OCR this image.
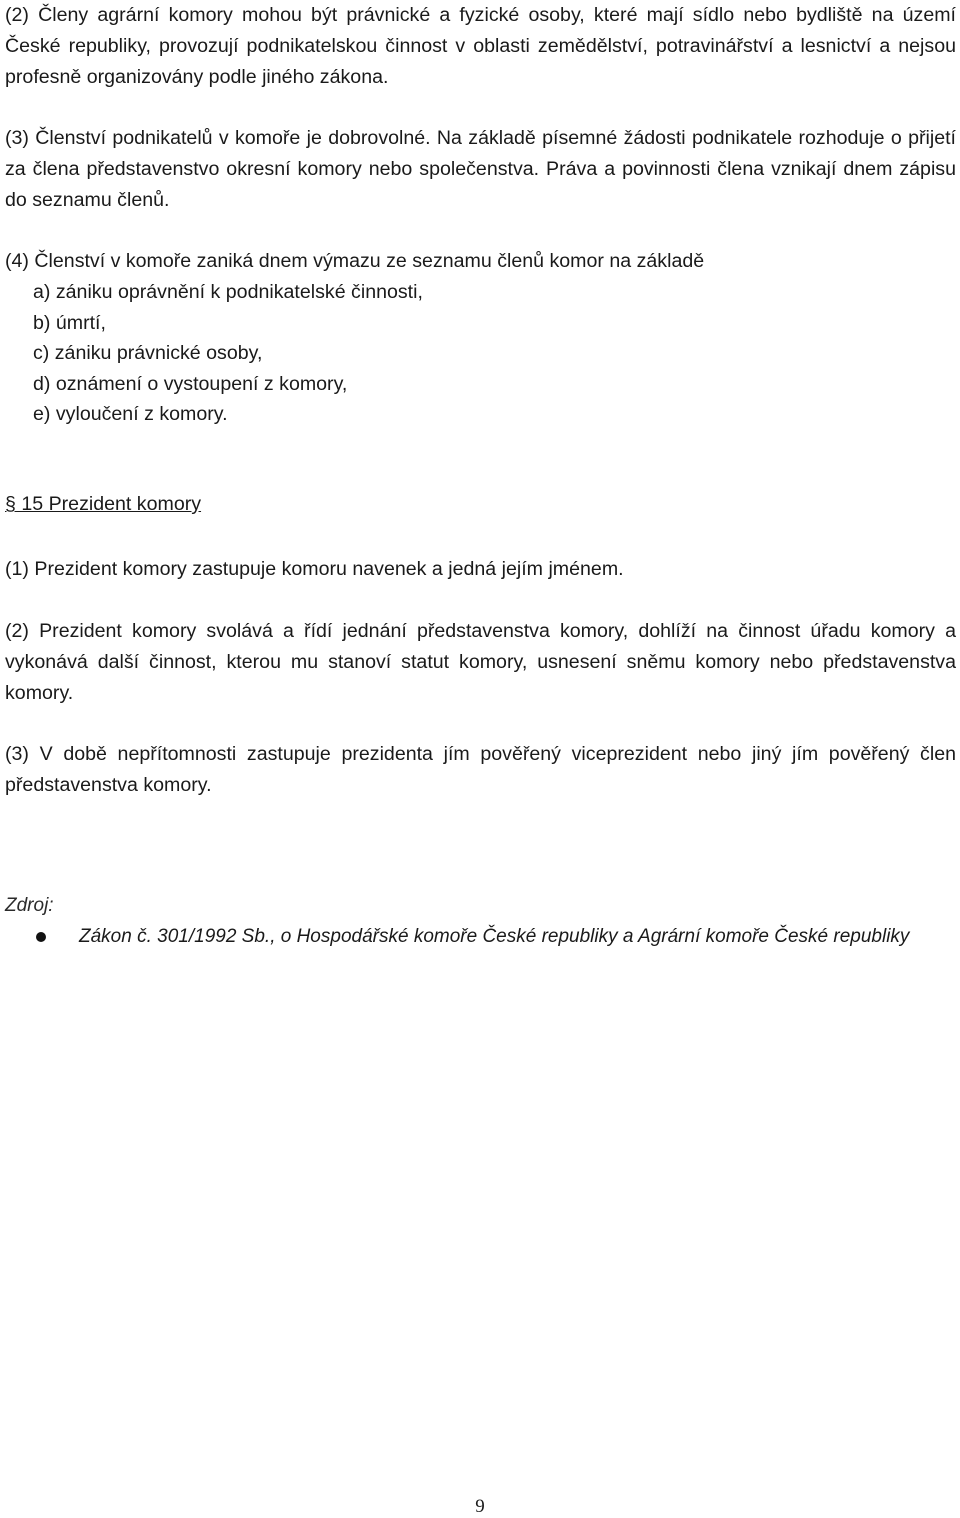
(2) Členy agrární komory mohou být právnické a fyzické osoby, které mají sídlo nebo bydliště na území České republiky, provozují podnikatelskou činnost v oblasti zemědělství, potravinářství a lesnictví a nejsou profesně organizovány podle jiného zákona.

(3) Členství podnikatelů v komoře je dobrovolné. Na základě písemné žádosti podnikatele rozhoduje o přijetí za člena představenstvo okresní komory nebo společenstva. Práva a povinnosti člena vznikají dnem zápisu do seznamu členů.

(4) Členství v komoře zaniká dnem výmazu ze seznamu členů komor na základě

a) zániku oprávnění k podnikatelské činnosti,
b) úmrtí,
c) zániku právnické osoby,
d) oznámení o vystoupení z komory,
e) vyloučení z komory.
§ 15 Prezident komory

(1) Prezident komory zastupuje komoru navenek a jedná jejím jménem.

(2) Prezident komory svolává a řídí jednání představenstva komory, dohlíží na činnost úřadu komory a vykonává další činnost, kterou mu stanoví statut komory, usnesení sněmu komory nebo představenstva komory.

(3) V době nepřítomnosti zastupuje prezidenta jím pověřený viceprezident nebo jiný jím pověřený člen představenstva komory.

Zdroj:
Zákon č. 301/1992 Sb., o Hospodářské komoře České republiky a Agrární komoře České republiky
9
